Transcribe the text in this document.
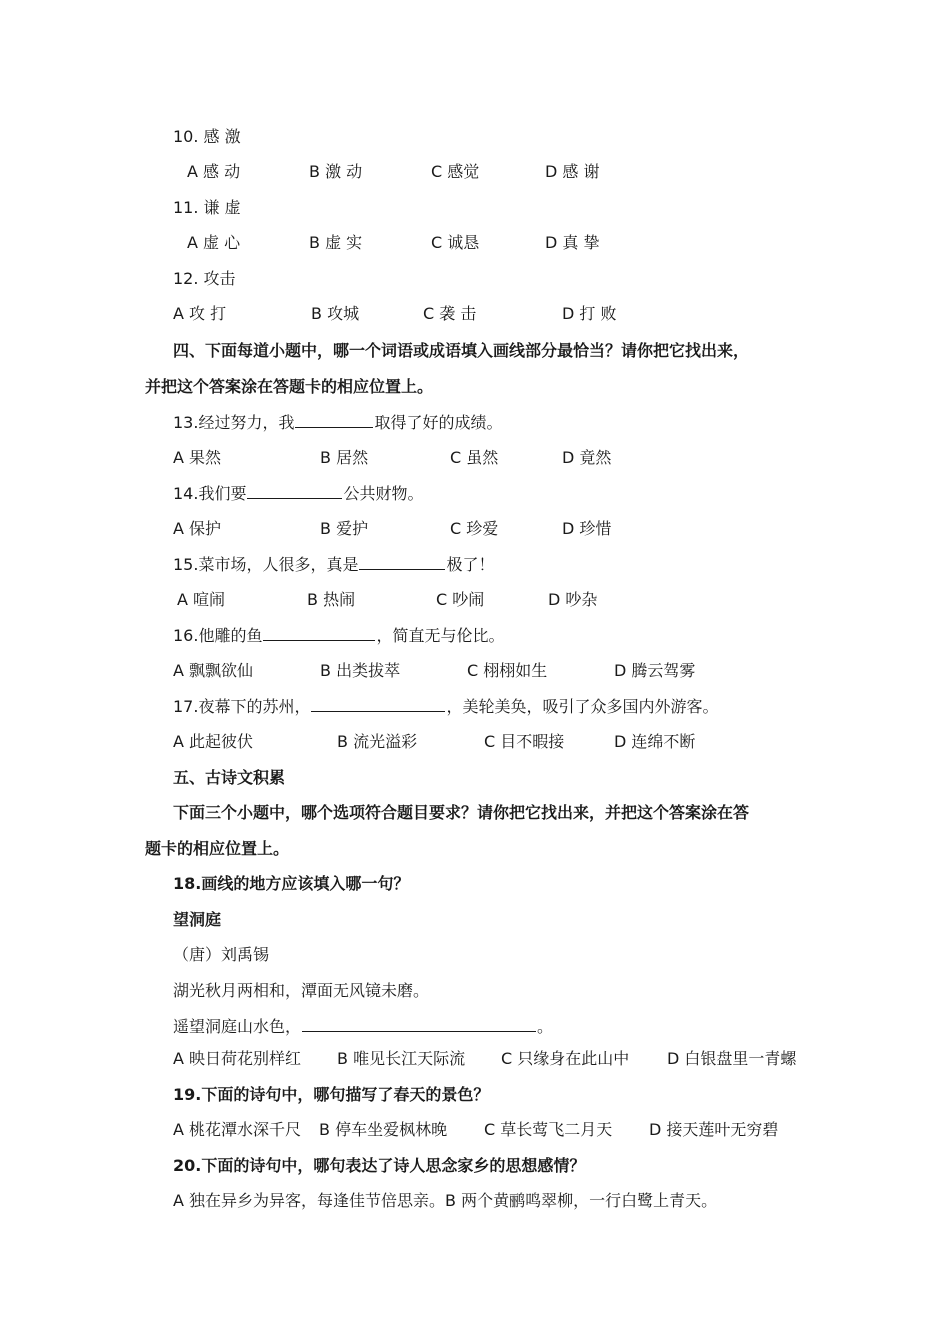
10. 感 激
A 感 动	B 激 动	C 感觉	D 感 谢
11. 谦 虚
A 虚 心	B 虚 实	C 诚恳	D 真 挚
12. 攻击
A 攻 打	B 攻城	C 袭 击	D 打 败
四、下面每道小题中，哪一个词语或成语填入画线部分最恰当？请你把它找出来，
并把这个答案涂在答题卡的相应位置上。
13.经过努力，我	取得了好的成绩。
A 果然	B 居然	C 虽然	D 竟然
14.我们要	公共财物。
A 保护	B 爱护	C 珍爱	D 珍惜
15.菜市场，人很多，真是	极了！
A 喧闹	B 热闹	C 吵闹	D 吵杂
16.他雕的鱼	，简直无与伦比。
A 飘飘欲仙	B 出类拔萃	C 栩栩如生	D 腾云驾雾
17.夜幕下的苏州，	，美轮美奂，吸引了众多国内外游客。
A 此起彼伏	B 流光溢彩	C 目不暇接	D 连绵不断
五、古诗文积累
下面三个小题中，哪个选项符合题目要求？请你把它找出来，并把这个答案涂在答
题卡的相应位置上。
18.画线的地方应该填入哪一句？
望洞庭
（唐）刘禹锡
湖光秋月两相和，潭面无风镜未磨。
遥望洞庭山水色，	。
A 映日荷花别样红 B 唯见长江天际流 C 只缘身在此山中 D 白银盘里一青螺
19.下面的诗句中，哪句描写了春天的景色？
A 桃花潭水深千尺 B 停车坐爱枫林晚 C 草长莺飞二月天 D 接天莲叶无穷碧
20.下面的诗句中，哪句表达了诗人思念家乡的思想感情？
A 独在异乡为异客，每逢佳节倍思亲。B 两个黄鹂鸣翠柳，一行白鹭上青天。
